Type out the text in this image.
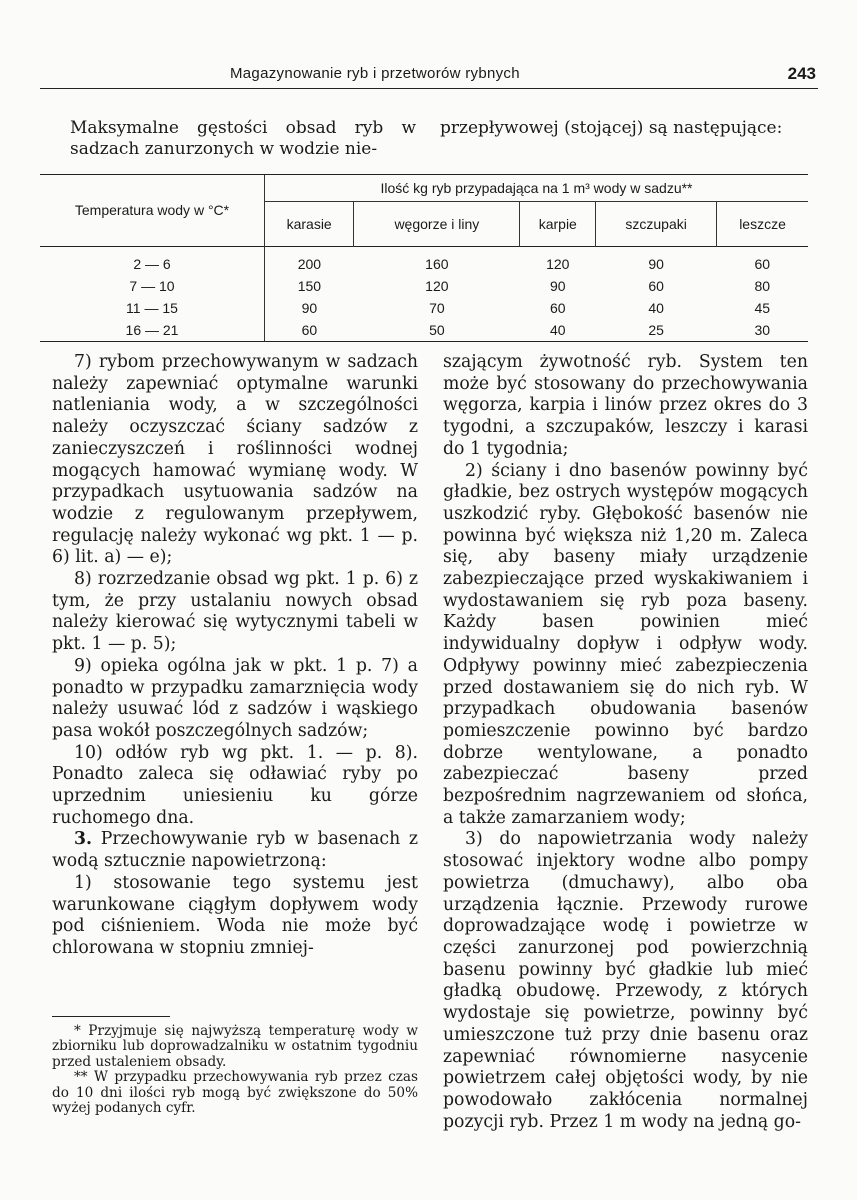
Magazynowanie ryb i przetworów rybnych	243
Maksymalne gęstości obsad ryb w sadzach zanurzonych w wodzie nie-
przepływowej (stojącej) są następujące:

Temperatura wody w °C*	Ilość kg ryb przypadająca na 1 m³ wody w sadzu**				
	karasie	węgorze i liny	karpie	szczupaki	leszcze

2 — 6	200	160	120	90	60
7 — 10	150	120	90	60	80
11 — 15	90	70	60	40	45
16 — 21	60	50	40	25	30

7) rybom przechowywanym w sadzach należy zapewniać optymalne warunki natleniania wody, a w szczególności należy oczyszczać ściany sadzów z zanieczyszczeń i roślinności wodnej mogących hamować wymianę wody. W przypadkach usytuowania sadzów na wodzie z regulowanym przepływem, regulację należy wykonać wg pkt. 1 — p. 6) lit. a) — e);

8) rozrzedzanie obsad wg pkt. 1 p. 6) z tym, że przy ustalaniu nowych obsad należy kierować się wytycznymi tabeli w pkt. 1 — p. 5);

9) opieka ogólna jak w pkt. 1 p. 7) a ponadto w przypadku zamarznięcia wody należy usuwać lód z sadzów i wąskiego pasa wokół poszczególnych sadzów;

10) odłów ryb wg pkt. 1. — p. 8). Ponadto zaleca się odławiać ryby po uprzednim uniesieniu ku górze ruchomego dna.

3. Przechowywanie ryb w basenach z wodą sztucznie napowietrzoną:

1) stosowanie tego systemu jest warunkowane ciągłym dopływem wody pod ciśnieniem. Woda nie może być chlorowana w stopniu zmniej-

* Przyjmuje się najwyższą temperaturę wody w zbiorniku lub doprowadzalniku w ostatnim tygodniu przed ustaleniem obsady.

** W przypadku przechowywania ryb przez czas do 10 dni ilości ryb mogą być zwiększone do 50% wyżej podanych cyfr.

szającym żywotność ryb. System ten może być stosowany do przechowywania węgorza, karpia i linów przez okres do 3 tygodni, a szczupaków, leszczy i karasi do 1 tygodnia;

2) ściany i dno basenów powinny być gładkie, bez ostrych występów mogących uszkodzić ryby. Głębokość basenów nie powinna być większa niż 1,20 m. Zaleca się, aby baseny miały urządzenie zabezpieczające przed wyskakiwaniem i wydostawaniem się ryb poza baseny. Każdy basen powinien mieć indywidualny dopływ i odpływ wody. Odpływy powinny mieć zabezpieczenia przed dostawaniem się do nich ryb. W przypadkach obudowania basenów pomieszczenie powinno być bardzo dobrze wentylowane, a ponadto zabezpieczać baseny przed bezpośrednim nagrzewaniem od słońca, a także zamarzaniem wody;

3) do napowietrzania wody należy stosować injektory wodne albo pompy powietrza (dmuchawy), albo oba urządzenia łącznie. Przewody rurowe doprowadzające wodę i powietrze w części zanurzonej pod powierzchnią basenu powinny być gładkie lub mieć gładką obudowę. Przewody, z których wydostaje się powietrze, powinny być umieszczone tuż przy dnie basenu oraz zapewniać równomierne nasycenie powietrzem całej objętości wody, by nie powodowało zakłócenia normalnej pozycji ryb. Przez 1 m wody na jedną go-
